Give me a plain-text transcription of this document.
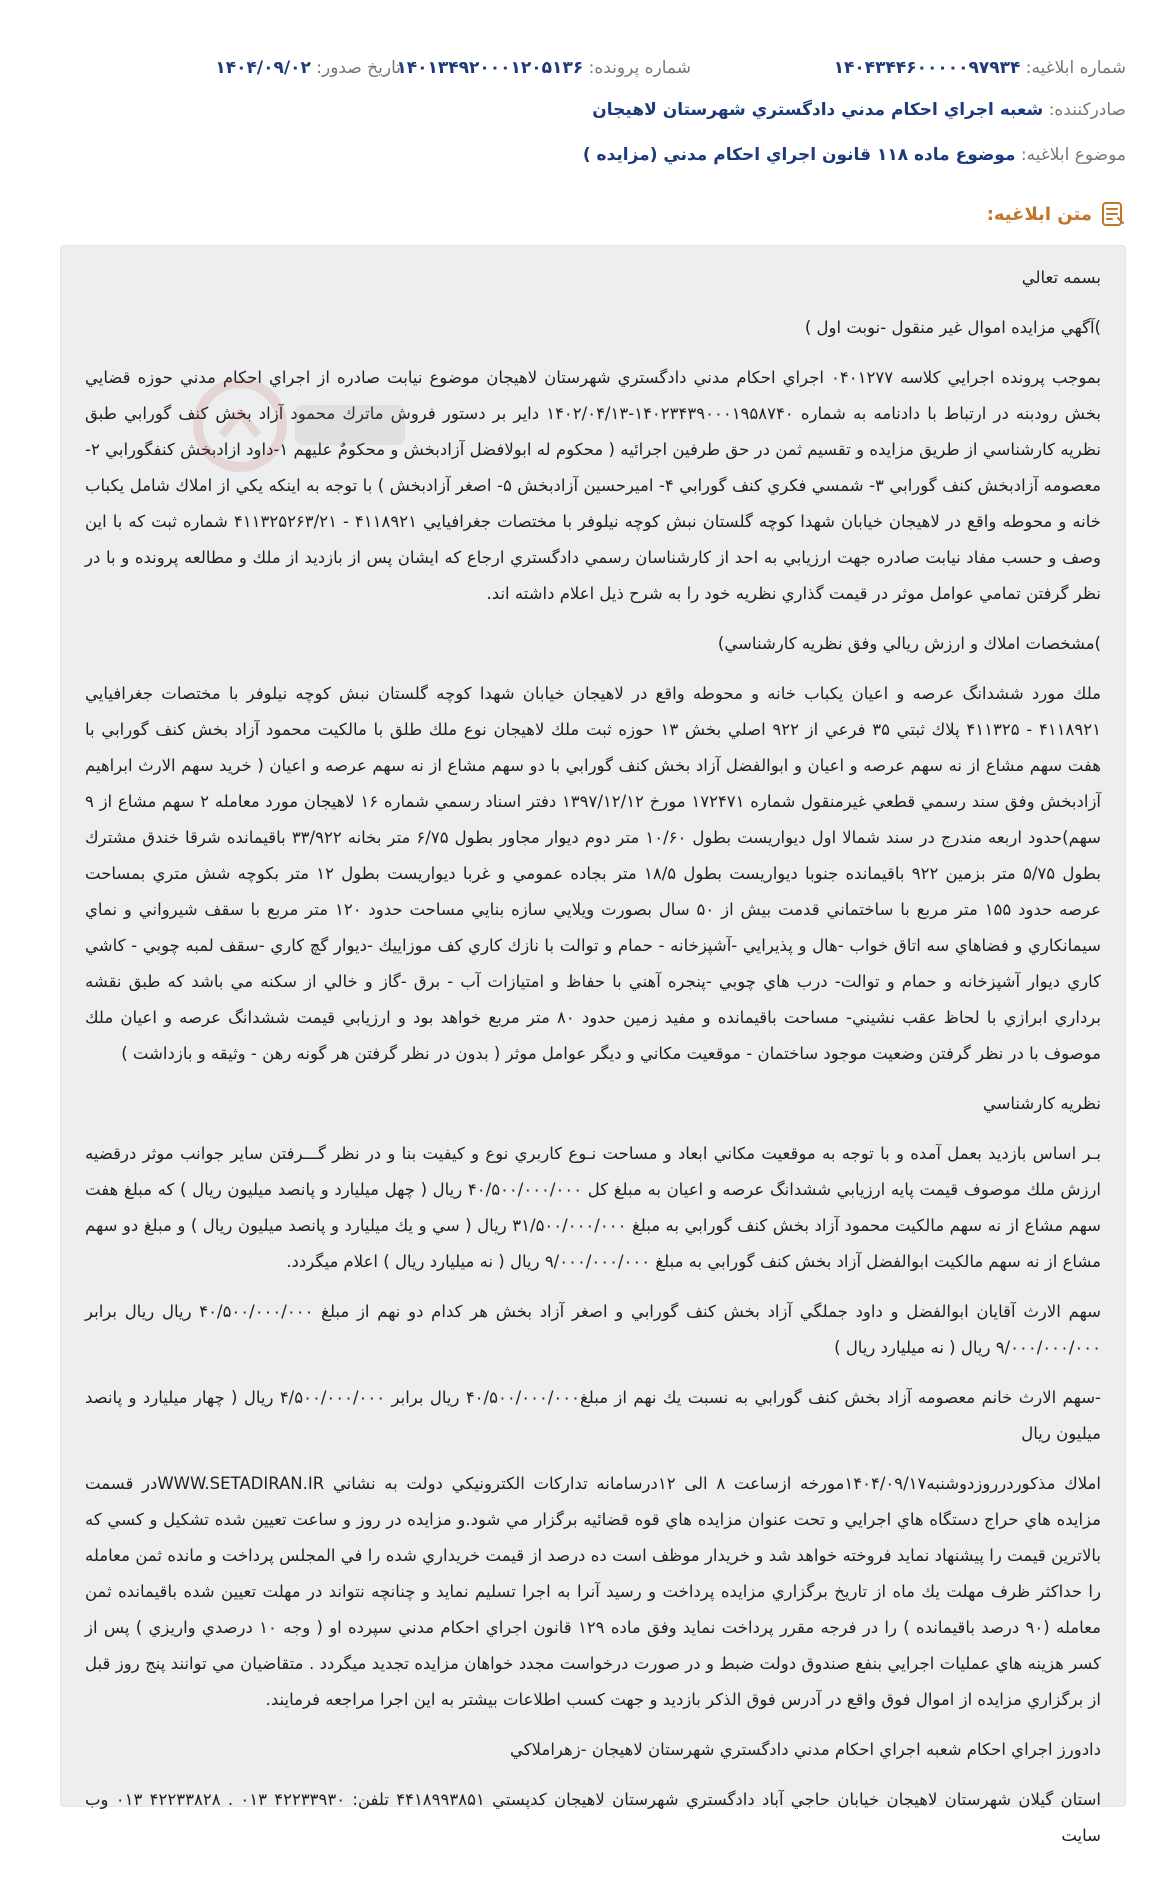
شماره ابلاغیه: ۱۴۰۴۳۴۴۶۰۰۰۰۰۹۷۹۳۴
شماره پرونده: ۱۴۰۱۳۴۹۲۰۰۰۱۲۰۵۱۳۶
تاریخ صدور: ۱۴۰۴/۰۹/۰۲
صادرکننده: شعبه اجراي احكام مدني دادگستري شهرستان لاهيجان
موضوع ابلاغیه: موضوع ماده ۱۱۸ قانون اجراي احكام مدني (مزايده )
متن ابلاغیه:

بسمه تعالي

)آگهي مزايده اموال غير منقول -نوبت اول )

بموجب پرونده اجرايي كلاسه ۰۴۰۱۲۷۷ اجراي احكام مدني دادگستري شهرستان لاهيجان موضوع نيابت صادره از اجراي احكام مدني حوزه قضايي بخش رودبنه در ارتباط با دادنامه به شماره ۱۴۰۲۳۴۳۹۰۰۰۱۹۵۸۷۴۰-۱۴۰۲/۰۴/۱۳ داير بر دستور فروش ماترك محمود آزاد بخش كنف گورابي طبق نظريه كارشناسي از طريق مزايده و تقسيم ثمن در حق طرفين اجرائيه ( محكوم له ابولافضل آزادبخش و محكومٌ عليهم ۱-داود ازادبخش كنفگورابي ۲- معصومه آزادبخش كنف گورابي ۳- شمسي فكري كنف گورابي ۴- اميرحسين آزادبخش ۵- اصغر آزادبخش ) با توجه به اينكه يكي از املاك شامل يكباب خانه و محوطه واقع در لاهيجان خيابان شهدا كوچه گلستان نبش كوچه نيلوفر با مختصات جغرافيايي ۴۱۱۸۹۲۱ - ۴۱۱۳۲۵۲۶۳/۲۱ شماره ثبت كه با اين وصف و حسب مفاد نيابت صادره جهت ارزيابي به احد از كارشناسان رسمي دادگستري ارجاع كه ايشان پس از بازديد از ملك و مطالعه پرونده و با در نظر گرفتن تمامي عوامل موثر در قيمت گذاري نظريه خود را به شرح ذيل اعلام داشته اند.

)مشخصات املاك و ارزش ريالي وفق نظريه كارشناسي)

ملك مورد ششدانگ عرصه و اعيان يكباب خانه و محوطه واقع در لاهيجان خيابان شهدا كوچه گلستان نبش كوچه نيلوفر با مختصات جغرافيايي ۴۱۱۸۹۲۱ - ۴۱۱۳۲۵ پلاك ثبتي ۳۵ فرعي از ۹۲۲ اصلي بخش ۱۳ حوزه ثبت ملك لاهيجان نوع ملك طلق با مالكيت محمود آزاد بخش كنف گورابي با هفت سهم مشاع از نه سهم عرصه و اعيان و ابوالفضل آزاد بخش كنف گورابي با دو سهم مشاع از نه سهم عرصه و اعيان ( خريد سهم الارث ابراهيم آزادبخش وفق سند رسمي قطعي غيرمنقول شماره ۱۷۲۴۷۱ مورخ ۱۳۹۷/۱۲/۱۲ دفتر اسناد رسمي شماره ۱۶ لاهيجان مورد معامله ۲ سهم مشاع از ۹ سهم)حدود اربعه مندرج در سند شمالا اول ديواريست بطول ۱۰/۶۰ متر دوم ديوار مجاور بطول ۶/۷۵ متر بخانه ۳۳/۹۲۲ باقيمانده شرقا خندق مشترك بطول ۵/۷۵ متر بزمين ۹۲۲ باقيمانده جنوبا ديواريست بطول ۱۸/۵ متر بجاده عمومي و غربا ديواريست بطول ۱۲ متر بكوچه شش متري بمساحت عرصه حدود ۱۵۵ متر مربع با ساختماني قدمت بيش از ۵۰ سال بصورت ويلايي سازه بنايي مساحت حدود ۱۲۰ متر مربع با سقف شيرواني و نماي سيمانكاري و فضاهاي سه اتاق خواب -هال و پذيرايي -آشپزخانه - حمام و توالت با نازك كاري كف موزاييك -ديوار گچ كاري -سقف لمبه چوبي - كاشي كاري ديوار آشپزخانه و حمام و توالت- درب هاي چوبي -پنجره آهني با حفاظ و امتيازات آب - برق -گاز و خالي از سكنه مي باشد كه طبق نقشه برداري ابرازي با لحاظ عقب نشيني- مساحت باقيمانده و مفيد زمين حدود ۸۰ متر مربع خواهد بود و ارزيابي قيمت ششدانگ عرصه و اعيان ملك موصوف با در نظر گرفتن وضعيت موجود ساختمان - موقعيت مكاني و ديگر عوامل موثر ( بدون در نظر گرفتن هر گونه رهن - وثيقه و بازداشت )

نظريه كارشناسي

بـر اساس بازديد بعمل آمده و با توجه به موقعيت مكاني ابعاد و مساحت نـوع كاربري نوع و كيفيت بنا و در نظر گـــرفتن ساير جوانب موثر درقضيه ارزش ملك موصوف قيمت پايه ارزيابي ششدانگ عرصه و اعيان به مبلغ كل ۴۰/۵۰۰/۰۰۰/۰۰۰ ريال ( چهل ميليارد و پانصد ميليون ريال ) كه مبلغ هفت سهم مشاع از نه سهم مالكيت محمود آزاد بخش كنف گورابي به مبلغ ۳۱/۵۰۰/۰۰۰/۰۰۰ ريال ( سي و يك ميليارد و پانصد ميليون ريال ) و مبلغ دو سهم مشاع از نه سهم مالكيت ابوالفضل آزاد بخش كنف گورابي به مبلغ ۹/۰۰۰/۰۰۰/۰۰۰ ريال ( نه ميليارد ريال ) اعلام ميگردد.

سهم الارث آقايان ابوالفضل و داود جملگي آزاد بخش كنف گورابي و اصغر آزاد بخش هر كدام دو نهم از مبلغ ۴۰/۵۰۰/۰۰۰/۰۰۰ ريال ريال برابر ۹/۰۰۰/۰۰۰/۰۰۰ ريال ( نه ميليارد ريال )

-سهم الارث خانم معصومه آزاد بخش كنف گورابي به نسبت يك نهم از مبلغ۴۰/۵۰۰/۰۰۰/۰۰۰ ريال برابر ۴/۵۰۰/۰۰۰/۰۰۰ ريال ( چهار ميليارد و پانصد ميليون ريال

املاك مذكوردرروزدوشنبه۱۴۰۴/۰۹/۱۷مورخه ازساعت ۸ الی ۱۲درسامانه تداركات الكترونيكي دولت به نشاني WWW.SETADIRAN.IRدر قسمت مزايده هاي حراج دستگاه هاي اجرايي و تحت عنوان مزايده هاي قوه قضائيه برگزار مي شود.و مزايده در روز و ساعت تعيين شده تشكيل و كسي كه بالاترين قيمت را پيشنهاد نمايد فروخته خواهد شد و خريدار موظف است ده درصد از قيمت خريداري شده را في المجلس پرداخت و مانده ثمن معامله را حداكثر ظرف مهلت يك ماه از تاريخ برگزاري مزايده پرداخت و رسيد آنرا به اجرا تسليم نمايد و چنانچه نتواند در مهلت تعيين شده باقيمانده ثمن معامله (۹۰ درصد باقيمانده ) را در فرجه مقرر پرداخت نمايد وفق ماده ۱۲۹ قانون اجراي احكام مدني سپرده او ( وجه ۱۰ درصدي واريزي ) پس از كسر هزينه هاي عمليات اجرايي بنفع صندوق دولت ضبط و در صورت درخواست مجدد خواهان مزايده تجديد ميگردد . متقاضيان مي توانند پنج روز قبل از برگزاري مزايده از اموال فوق واقع در آدرس فوق الذكر بازديد و جهت كسب اطلاعات بيشتر به اين اجرا مراجعه فرمايند.

دادورز اجراي احكام شعبه اجراي احكام مدني دادگستري شهرستان لاهيجان -زهراملاكي

استان گيلان شهرستان لاهيجان خيابان حاجي آباد دادگستري شهرستان لاهيجان كدپستي ۴۴۱۸۹۹۳۸۵۱ تلفن: ۴۲۲۳۳۹۳۰ ۰۱۳ . ۴۲۲۳۳۸۲۸ ۰۱۳ وب سايت
